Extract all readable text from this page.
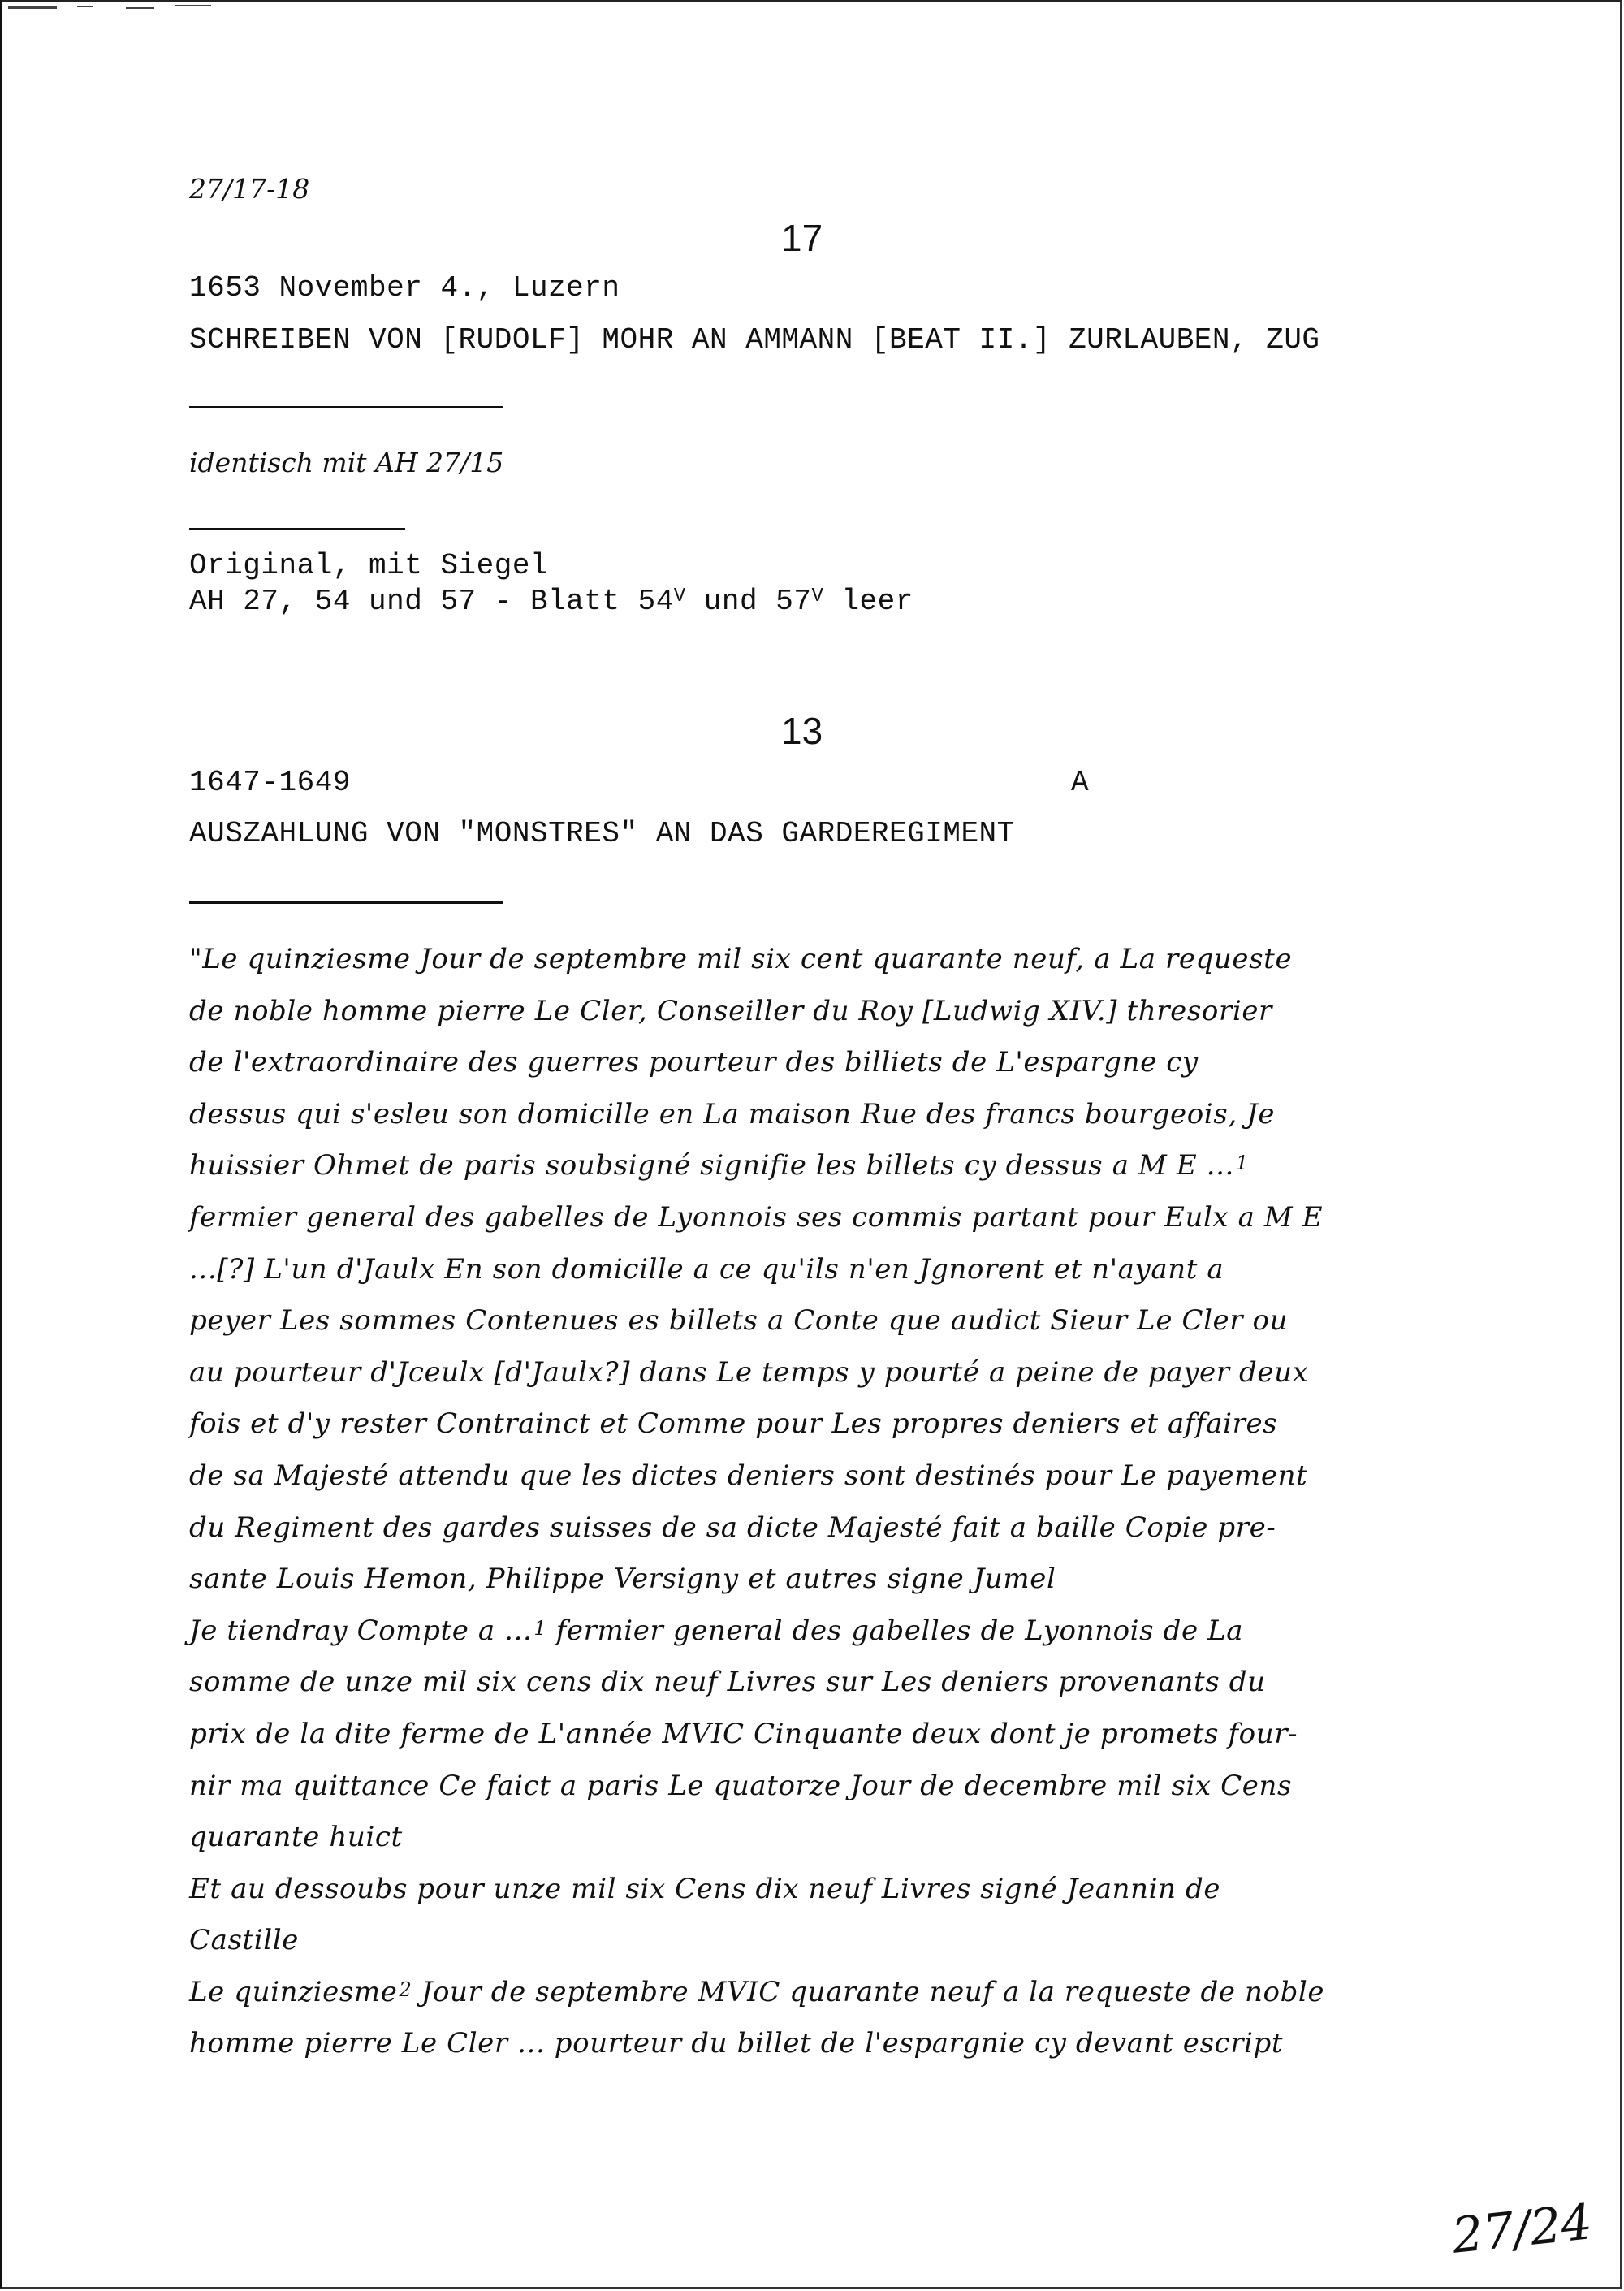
27/17-18
17
1653 November 4., Luzern
SCHREIBEN VON [RUDOLF] MOHR AN AMMANN [BEAT II.] ZURLAUBEN, ZUG
identisch mit AH 27/15
Original, mit Siegel
AH 27, 54 und 57 - Blatt $54^V$ und $57^V$ leer
13
1647-1649	A
AUSZAHLUNG VON "MONSTRES" AN DAS GARDEREGIMENT
"Le quinziesme Jour de septembre mil six cent quarante neuf, a La requeste
de noble homme pierre Le Cler, Conseiller du Roy [Ludwig XIV.] thresorier
de l'extraordinaire des guerres pourteur des billiets de L'espargne cy
dessus qui s'esleu son domicille en La maison Rue des francs bourgeois, Je
huissier Ohmet de paris soubsigné signifie les billets cy dessus a M E ...$^1$
fermier general des gabelles de Lyonnois ses commis partant pour Eulx a M E
...[?] L'un d'Jaulx En son domicille a ce qu'ils n'en Jgnorent et n'ayant a
peyer Les sommes Contenues es billets a Conte que audict Sieur Le Cler ou
au pourteur d'Jceulx [d'Jaulx?] dans Le temps y pourté a peine de payer deux
fois et d'y rester Contrainct et Comme pour Les propres deniers et affaires
de sa Majesté attendu que les dictes deniers sont destinés pour Le payement
du Regiment des gardes suisses de sa dicte Majesté fait a baille Copie pre-
sante Louis Hemon, Philippe Versigny et autres signe Jumel
Je tiendray Compte a ...$^1$ fermier general des gabelles de Lyonnois de La
somme de unze mil six cens dix neuf Livres sur Les deniers provenants du
prix de la dite ferme de L'année MVIC Cinquante deux dont je promets four-
nir ma quittance Ce faict a paris Le quatorze Jour de decembre mil six Cens
quarante huict
Et au dessoubs pour unze mil six Cens dix neuf Livres signé Jeannin de
Castille
Le quinziesme$^2$ Jour de septembre MVIC quarante neuf a la requeste de noble
homme pierre Le Cler ... pourteur du billet de l'espargnie cy devant escript
27/24
